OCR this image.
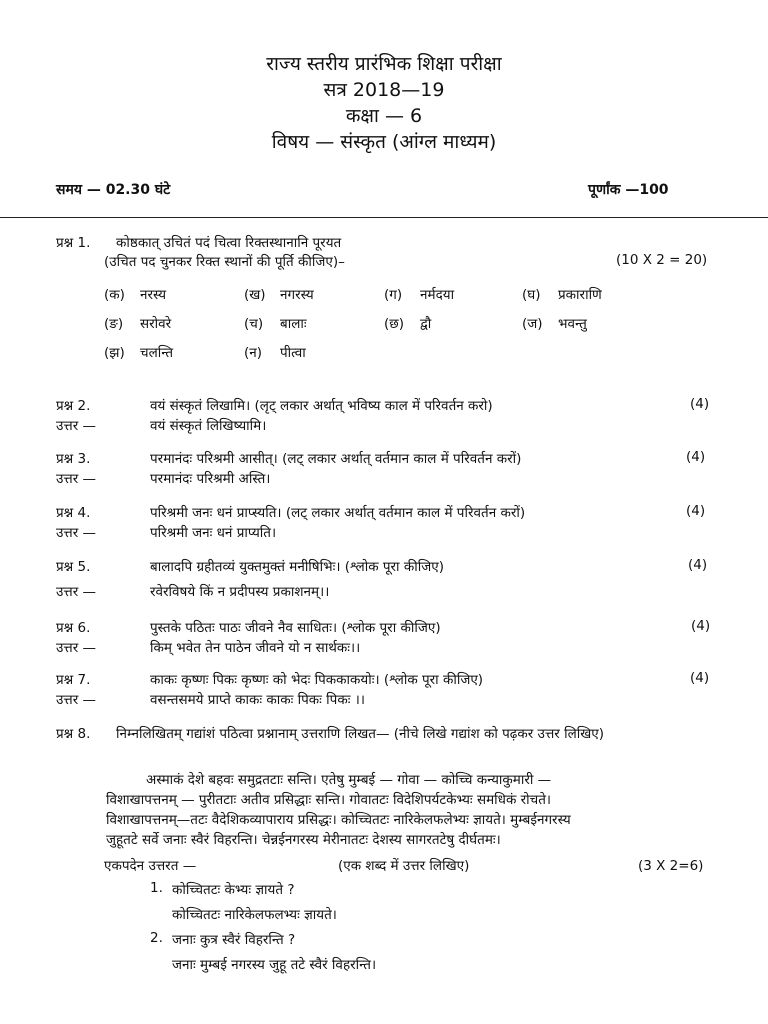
राज्य स्तरीय प्रारंभिक शिक्षा परीक्षा
सत्र 2018—19
कक्षा — 6
विषय — संस्कृत (आंग्ल माध्यम)
समय — 02.30 घंटे	पूर्णांक —100
प्रश्न 1. कोष्ठकात् उचितं पदं चित्वा रिक्तस्थानानि पूरयत
(उचित पद चुनकर रिक्त स्थानों की पूर्ति कीजिए)–	(10 X 2 = 20)
(क) नरस्य	(ख) नगरस्य	(ग) नर्मदया	(घ) प्रकाराणि
(ङ) सरोवरे	(च) बालाः	(छ) द्वौ	(ज) भवन्तु
(झ) चलन्ति	(न) पीत्वा
प्रश्न 2.	वयं संस्कृतं लिखामि। (लृट् लकार अर्थात् भविष्य काल में परिवर्तन करो)	(4)
उत्तर —	वयं संस्कृतं लिखिष्यामि।
प्रश्न 3.	परमानंदः परिश्रमी आसीत्। (लट् लकार अर्थात् वर्तमान काल में परिवर्तन करों)	(4)
उत्तर —	परमानंदः परिश्रमी अस्ति।
प्रश्न 4.	परिश्रमी जनः धनं प्राप्स्यति। (लट् लकार अर्थात् वर्तमान काल में परिवर्तन करों)	(4)
उत्तर —	परिश्रमी जनः धनं प्राप्यति।
प्रश्न 5.	बालादपि ग्रहीतव्यं युक्तमुक्तं मनीषिभिः। (श्लोक पूरा कीजिए)	(4)
उत्तर —	रवेरविषये किं न प्रदीपस्य प्रकाशनम्।।
प्रश्न 6.	पुस्तके पठितः पाठः जीवने नैव साधितः। (श्लोक पूरा कीजिए)	(4)
उत्तर —	किम् भवेत तेन पाठेन जीवने यो न सार्थकः।।
प्रश्न 7.	काकः कृष्णः पिकः कृष्णः को भेदः पिककाकयोः। (श्लोक पूरा कीजिए)	(4)
उत्तर —	वसन्तसमये प्राप्ते काकः काकः पिकः पिकः ।।
प्रश्न 8. निम्नलिखितम् गद्यांशं पठित्वा प्रश्नानाम् उत्तराणि लिखत— (नीचे लिखे गद्यांश को पढ़कर उत्तर लिखिए)
अस्माकं देशे बहवः समुद्रतटाः सन्ति। एतेषु मुम्बई — गोवा — कोच्चि कन्याकुमारी —
विशाखापत्तनम् — पुरीतटाः अतीव प्रसिद्धाः सन्ति। गोवातटः विदेशिपर्यटकेभ्यः समधिकं रोचते।
विशाखापत्तनम्—तटः वैदेशिकव्यापाराय प्रसिद्धः। कोच्चितटः नारिकेलफलेभ्यः ज्ञायते। मुम्बईनगरस्य
जुहूतटे सर्वे जनाः स्वैरं विहरन्ति। चेन्नईनगरस्य मेरीनातटः देशस्य सागरतटेषु दीर्घतमः।
एकपदेन उत्तरत —	(एक शब्द में उत्तर लिखिए)	(3 X 2=6)
1. कोच्चितटः केभ्यः ज्ञायते ?
कोच्चितटः नारिकेलफलभ्यः ज्ञायते।
2. जनाः कुत्र स्वैरं विहरन्ति ?
जनाः मुम्बई नगरस्य जुहू तटे स्वैरं विहरन्ति।
